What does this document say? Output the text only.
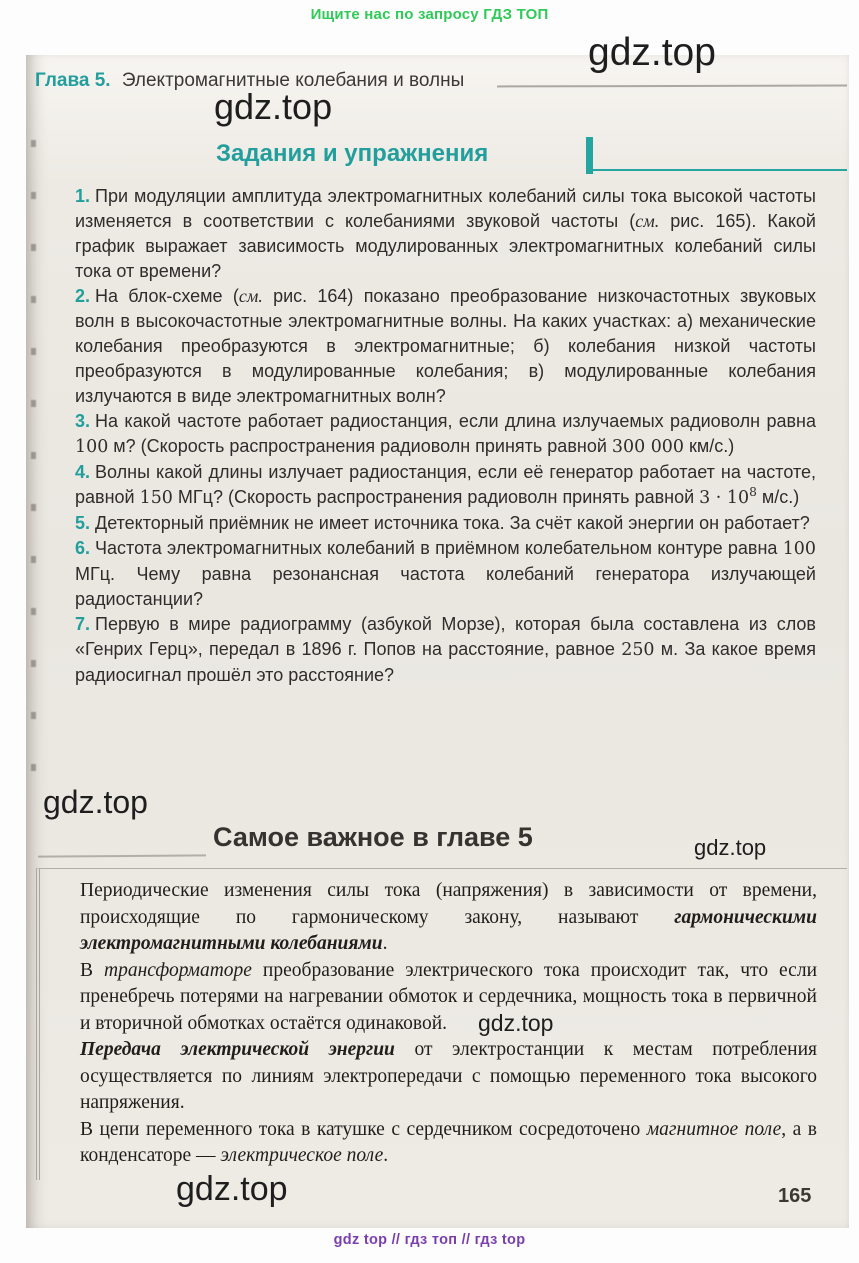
Ищите нас по запросу ГДЗ ТОП
gdz.top
gdz.top
Глава 5. Электромагнитные колебания и волны
Задания и упражнения

1. При модуляции амплитуда электромагнитных колебаний силы тока высокой частоты изменяется в соответствии с колебаниями звуковой частоты (см. рис. 165). Какой график выражает зависимость модулированных электромагнитных колебаний силы тока от времени?

2. На блок-схеме (см. рис. 164) показано преобразование низкочастотных звуковых волн в высокочастотные электромагнитные волны. На каких участках: а) механические колебания преобразуются в электромагнитные; б) колебания низкой частоты преобразуются в модулированные колебания; в) модулированные колебания излучаются в виде электромагнитных волн?

3. На какой частоте работает радиостанция, если длина излучаемых радиоволн равна 100 м? (Скорость распространения радиоволн принять равной 300 000 км/с.)

4. Волны какой длины излучает радиостанция, если её генератор работает на частоте, равной 150 МГц? (Скорость распространения радиоволн принять равной $3 \cdot 10^8$ м/с.)

5. Детекторный приёмник не имеет источника тока. За счёт какой энергии он работает?

6. Частота электромагнитных колебаний в приёмном колебательном контуре равна 100 МГц. Чему равна резонансная частота колебаний генератора излучающей радиостанции?

7. Первую в мире радиограмму (азбукой Морзе), которая была составлена из слов «Генрих Герц», передал в 1896 г. Попов на расстояние, равное 250 м. За какое время радиосигнал прошёл это расстояние?

gdz.top
Самое важное в главе 5	gdz.top

Периодические изменения силы тока (напряжения) в зависимости от времени, происходящие по гармоническому закону, называют гармоническими электромагнитными колебаниями.

В трансформаторе преобразование электрического тока происходит так, что если пренебречь потерями на нагревании обмоток и сердечника, мощность тока в первичной и вторичной обмотках остаётся одинаковой.

Передача электрической энергии от электростанции к местам потребления осуществляется по линиям электропередачи с помощью переменного тока высокого напряжения.

В цепи переменного тока в катушке с сердечником сосредоточено магнитное поле, а в конденсаторе — электрическое поле.

gdz.top
gdz.top	165
gdz top // гдз топ // гдз top
